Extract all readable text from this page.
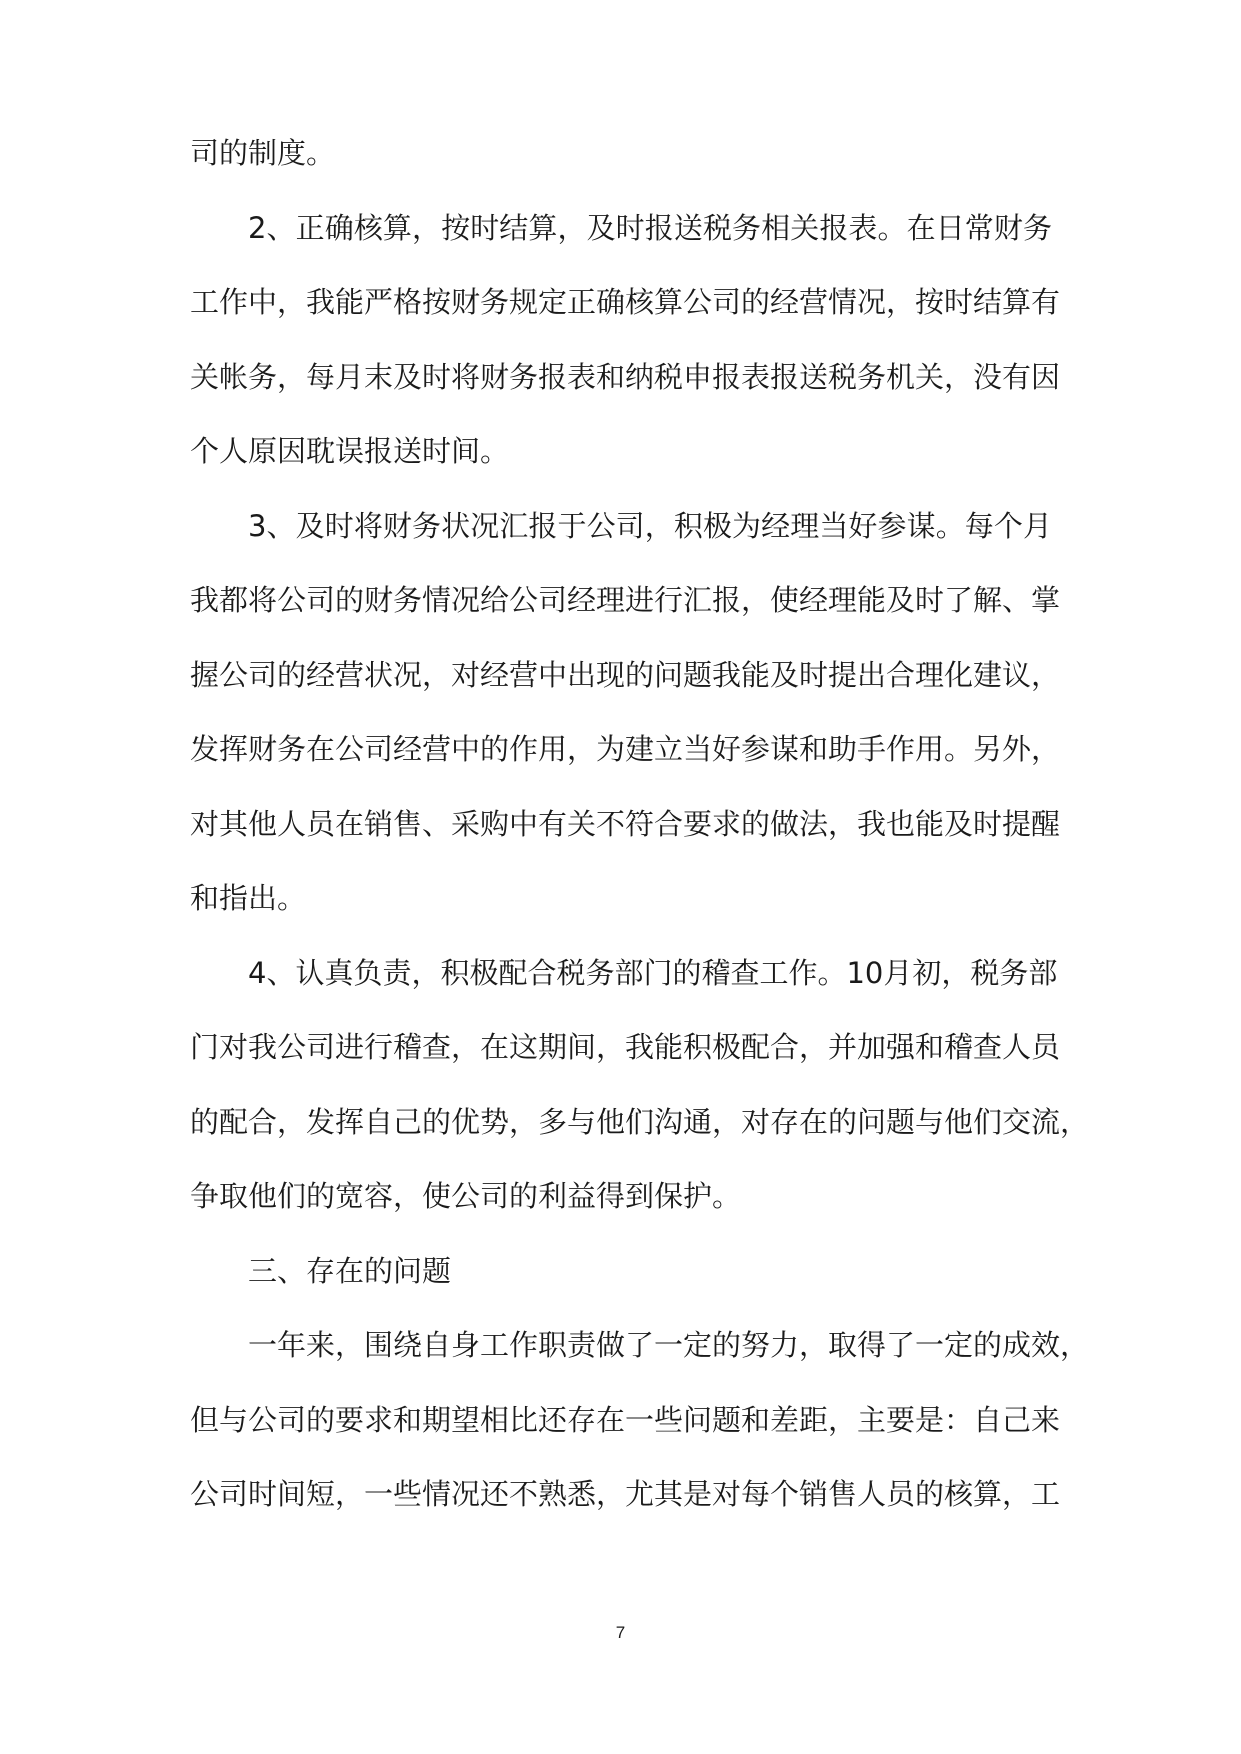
司的制度。
2、正确核算，按时结算，及时报送税务相关报表。在日常财务
工作中，我能严格按财务规定正确核算公司的经营情况，按时结算有
关帐务，每月末及时将财务报表和纳税申报表报送税务机关，没有因
个人原因耽误报送时间。
3、及时将财务状况汇报于公司，积极为经理当好参谋。每个月
我都将公司的财务情况给公司经理进行汇报，使经理能及时了解、掌
握公司的经营状况，对经营中出现的问题我能及时提出合理化建议，
发挥财务在公司经营中的作用，为建立当好参谋和助手作用。另外，
对其他人员在销售、采购中有关不符合要求的做法，我也能及时提醒
和指出。
4、认真负责，积极配合税务部门的稽查工作。10月初，税务部
门对我公司进行稽查，在这期间，我能积极配合，并加强和稽查人员
的配合，发挥自己的优势，多与他们沟通，对存在的问题与他们交流，
争取他们的宽容，使公司的利益得到保护。
三、存在的问题
一年来，围绕自身工作职责做了一定的努力，取得了一定的成效，
但与公司的要求和期望相比还存在一些问题和差距，主要是：自己来
公司时间短，一些情况还不熟悉，尤其是对每个销售人员的核算，工
7
